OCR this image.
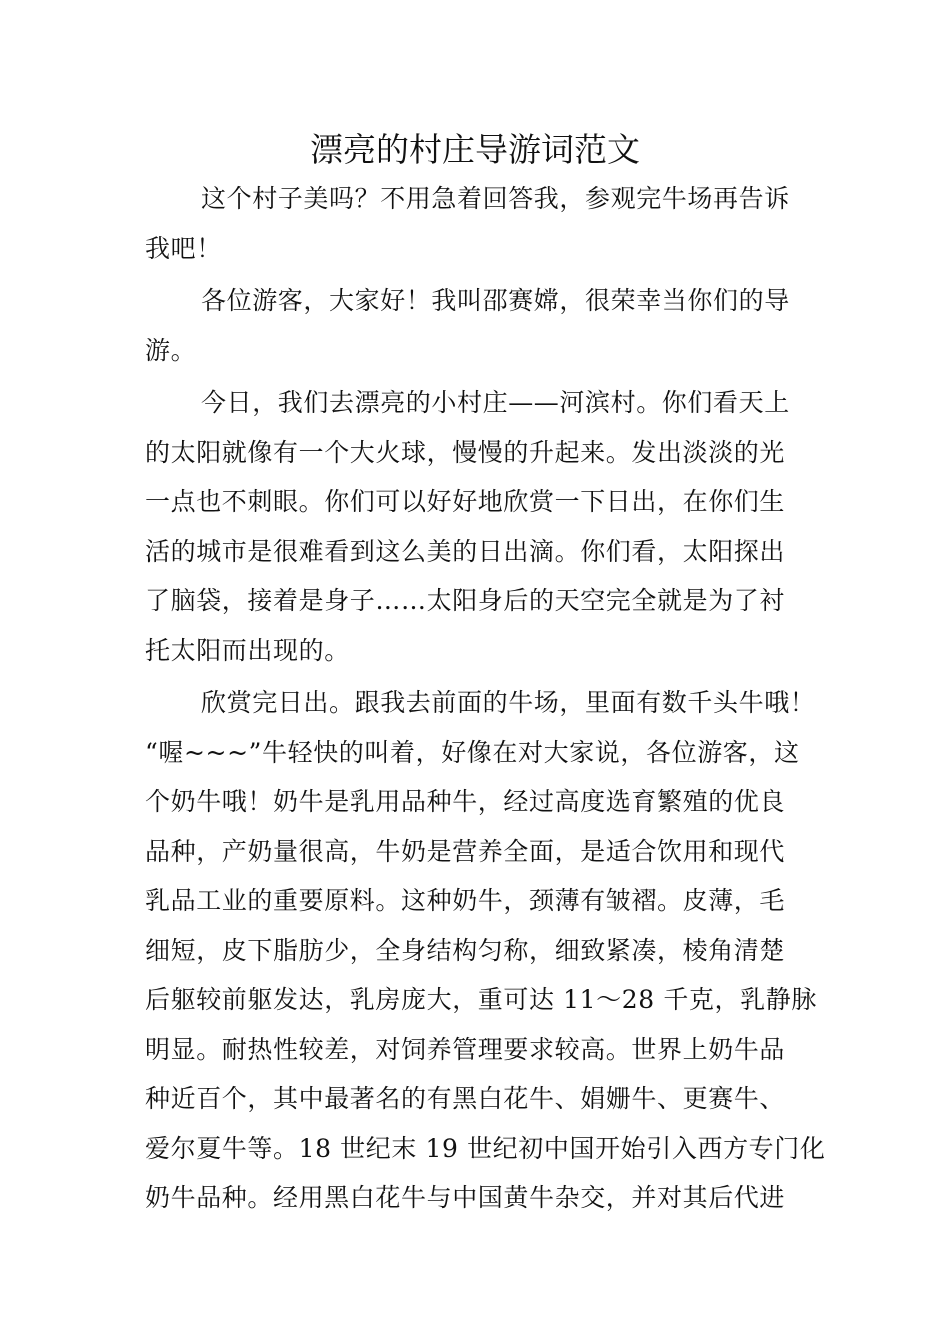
漂亮的村庄导游词范文

这个村子美吗？不用急着回答我，参观完牛场再告诉
我吧！

各位游客，大家好！我叫邵赛嫦，很荣幸当你们的导
游。

今日，我们去漂亮的小村庄——河滨村。你们看天上
的太阳就像有一个大火球，慢慢的升起来。发出淡淡的光
一点也不刺眼。你们可以好好地欣赏一下日出，在你们生
活的城市是很难看到这么美的日出滴。你们看，太阳探出
了脑袋，接着是身子……太阳身后的天空完全就是为了衬
托太阳而出现的。

欣赏完日出。跟我去前面的牛场，里面有数千头牛哦！
“喔~~~”牛轻快的叫着，好像在对大家说，各位游客，这
个奶牛哦！奶牛是乳用品种牛，经过高度选育繁殖的优良
品种，产奶量很高，牛奶是营养全面，是适合饮用和现代
乳品工业的重要原料。这种奶牛，颈薄有皱褶。皮薄，毛
细短，皮下脂肪少，全身结构匀称，细致紧凑，棱角清楚
后躯较前躯发达，乳房庞大，重可达 11～28 千克，乳静脉
明显。耐热性较差，对饲养管理要求较高。世界上奶牛品
种近百个，其中最著名的有黑白花牛、娟姗牛、更赛牛、
爱尔夏牛等。18 世纪末 19 世纪初中国开始引入西方专门化
奶牛品种。经用黑白花牛与中国黄牛杂交，并对其后代进
